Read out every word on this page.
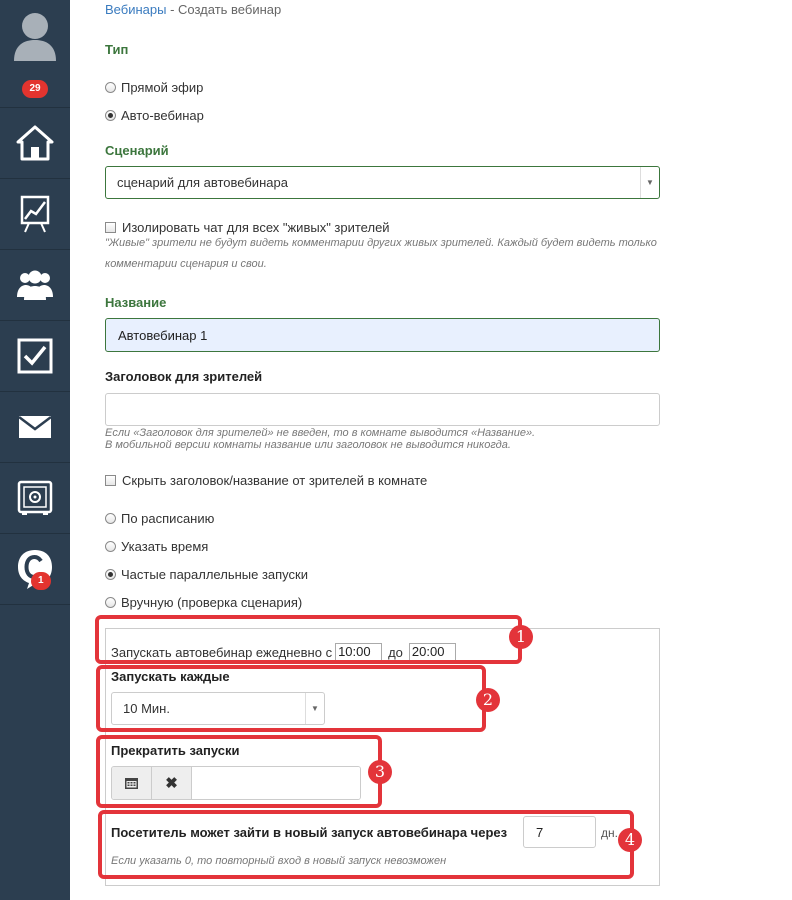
29
1
Вебинары - Создать вебинар
Тип
Прямой эфир
Авто-вебинар
Сценарий
сценарий для автовебинара	▼
Изолировать чат для всех "живых" зрителей
"Живые" зрители не будут видеть комментарии других живых зрителей. Каждый будет видеть только
комментарии сценария и свои.
Название
Автовебинар 1
Заголовок для зрителей
Если «Заголовок для зрителей» не введен, то в комнате выводится «Название».
В мобильной версии комнаты название или заголовок не выводится никогда.
Скрыть заголовок/название от зрителей в комнате
По расписанию
Указать время
Частые параллельные запуски
Вручную (проверка сценария)
Запускать автовебинар ежедневно с 10:00	до 20:00
Запускать каждые
10 Мин.	▼
Прекратить запуски
✖
Посетитель может зайти в новый запуск автовебинара через 7	дн.
Если указать 0, то повторный вход в новый запуск невозможен
1
2
3
4
